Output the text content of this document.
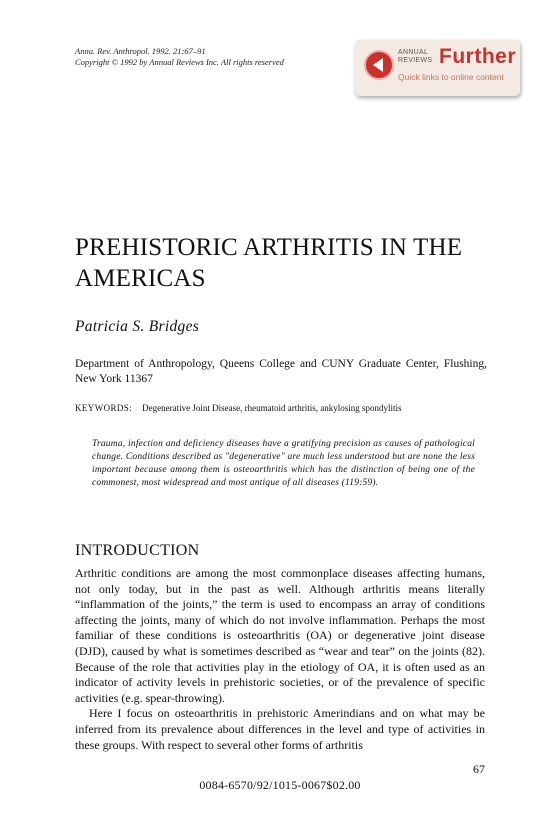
Annu. Rev. Anthropol. 1992. 21:67–91
Copyright © 1992 by Annual Reviews Inc. All rights reserved
ANNUAL
REVIEWS Further
Quick links to online content
PREHISTORIC ARTHRITIS IN THE AMERICAS
Patricia S. Bridges
Department of Anthropology, Queens College and CUNY Graduate Center, Flushing, New York 11367
KEYWORDS: Degenerative Joint Disease, rheumatoid arthritis, ankylosing spondylitis
Trauma, infection and deficiency diseases have a gratifying precision as causes of pathological change. Conditions described as "degenerative" are much less understood but are none the less important because among them is osteoarthritis which has the distinction of being one of the commonest, most widespread and most antique of all diseases (119:59).
INTRODUCTION

Arthritic conditions are among the most commonplace diseases affecting humans, not only today, but in the past as well. Although arthritis means literally “inflammation of the joints,” the term is used to encompass an array of conditions affecting the joints, many of which do not involve inflammation. Perhaps the most familiar of these conditions is osteoarthritis (OA) or degenerative joint disease (DJD), caused by what is sometimes described as “wear and tear” on the joints (82). Because of the role that activities play in the etiology of OA, it is often used as an indicator of activity levels in prehistoric societies, or of the prevalence of specific activities (e.g. spear-throwing).

Here I focus on osteoarthritis in prehistoric Amerindians and on what may be inferred from its prevalence about differences in the level and type of activities in these groups. With respect to several other forms of arthritis

67
0084-6570/92/1015-0067$02.00
